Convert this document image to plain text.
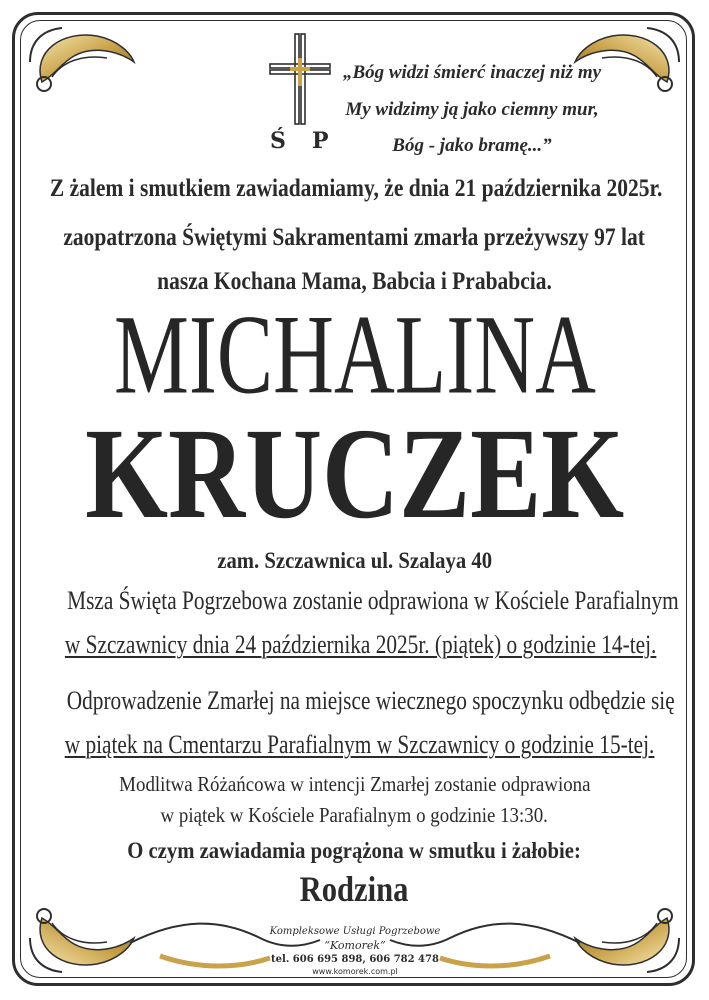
Ś P
„Bóg widzi śmierć inaczej niż my
My widzimy ją jako ciemny mur,
Bóg - jako bramę...”
Z żalem i smutkiem zawiadamiamy, że dnia 21 października 2025r.
zaopatrzona Świętymi Sakramentami zmarła przeżywszy 97 lat
nasza Kochana Mama, Babcia i Prababcia.
MICHALINA
KRUCZEK
zam. Szczawnica ul. Szalaya 40
Msza Święta Pogrzebowa zostanie odprawiona w Kościele Parafialnym
w Szczawnicy dnia 24 października 2025r. (piątek) o godzinie 14-tej.
Odprowadzenie Zmarłej na miejsce wiecznego spoczynku odbędzie się
w piątek na Cmentarzu Parafialnym w Szczawnicy o godzinie 15-tej.
Modlitwa Różańcowa w intencji Zmarłej zostanie odprawiona
w piątek w Kościele Parafialnym o godzinie 13:30.
O czym zawiadamia pogrążona w smutku i żałobie:
Rodzina
Kompleksowe Usługi Pogrzebowe
“Komorek”
tel. 606 695 898, 606 782 478
www.komorek.com.pl
